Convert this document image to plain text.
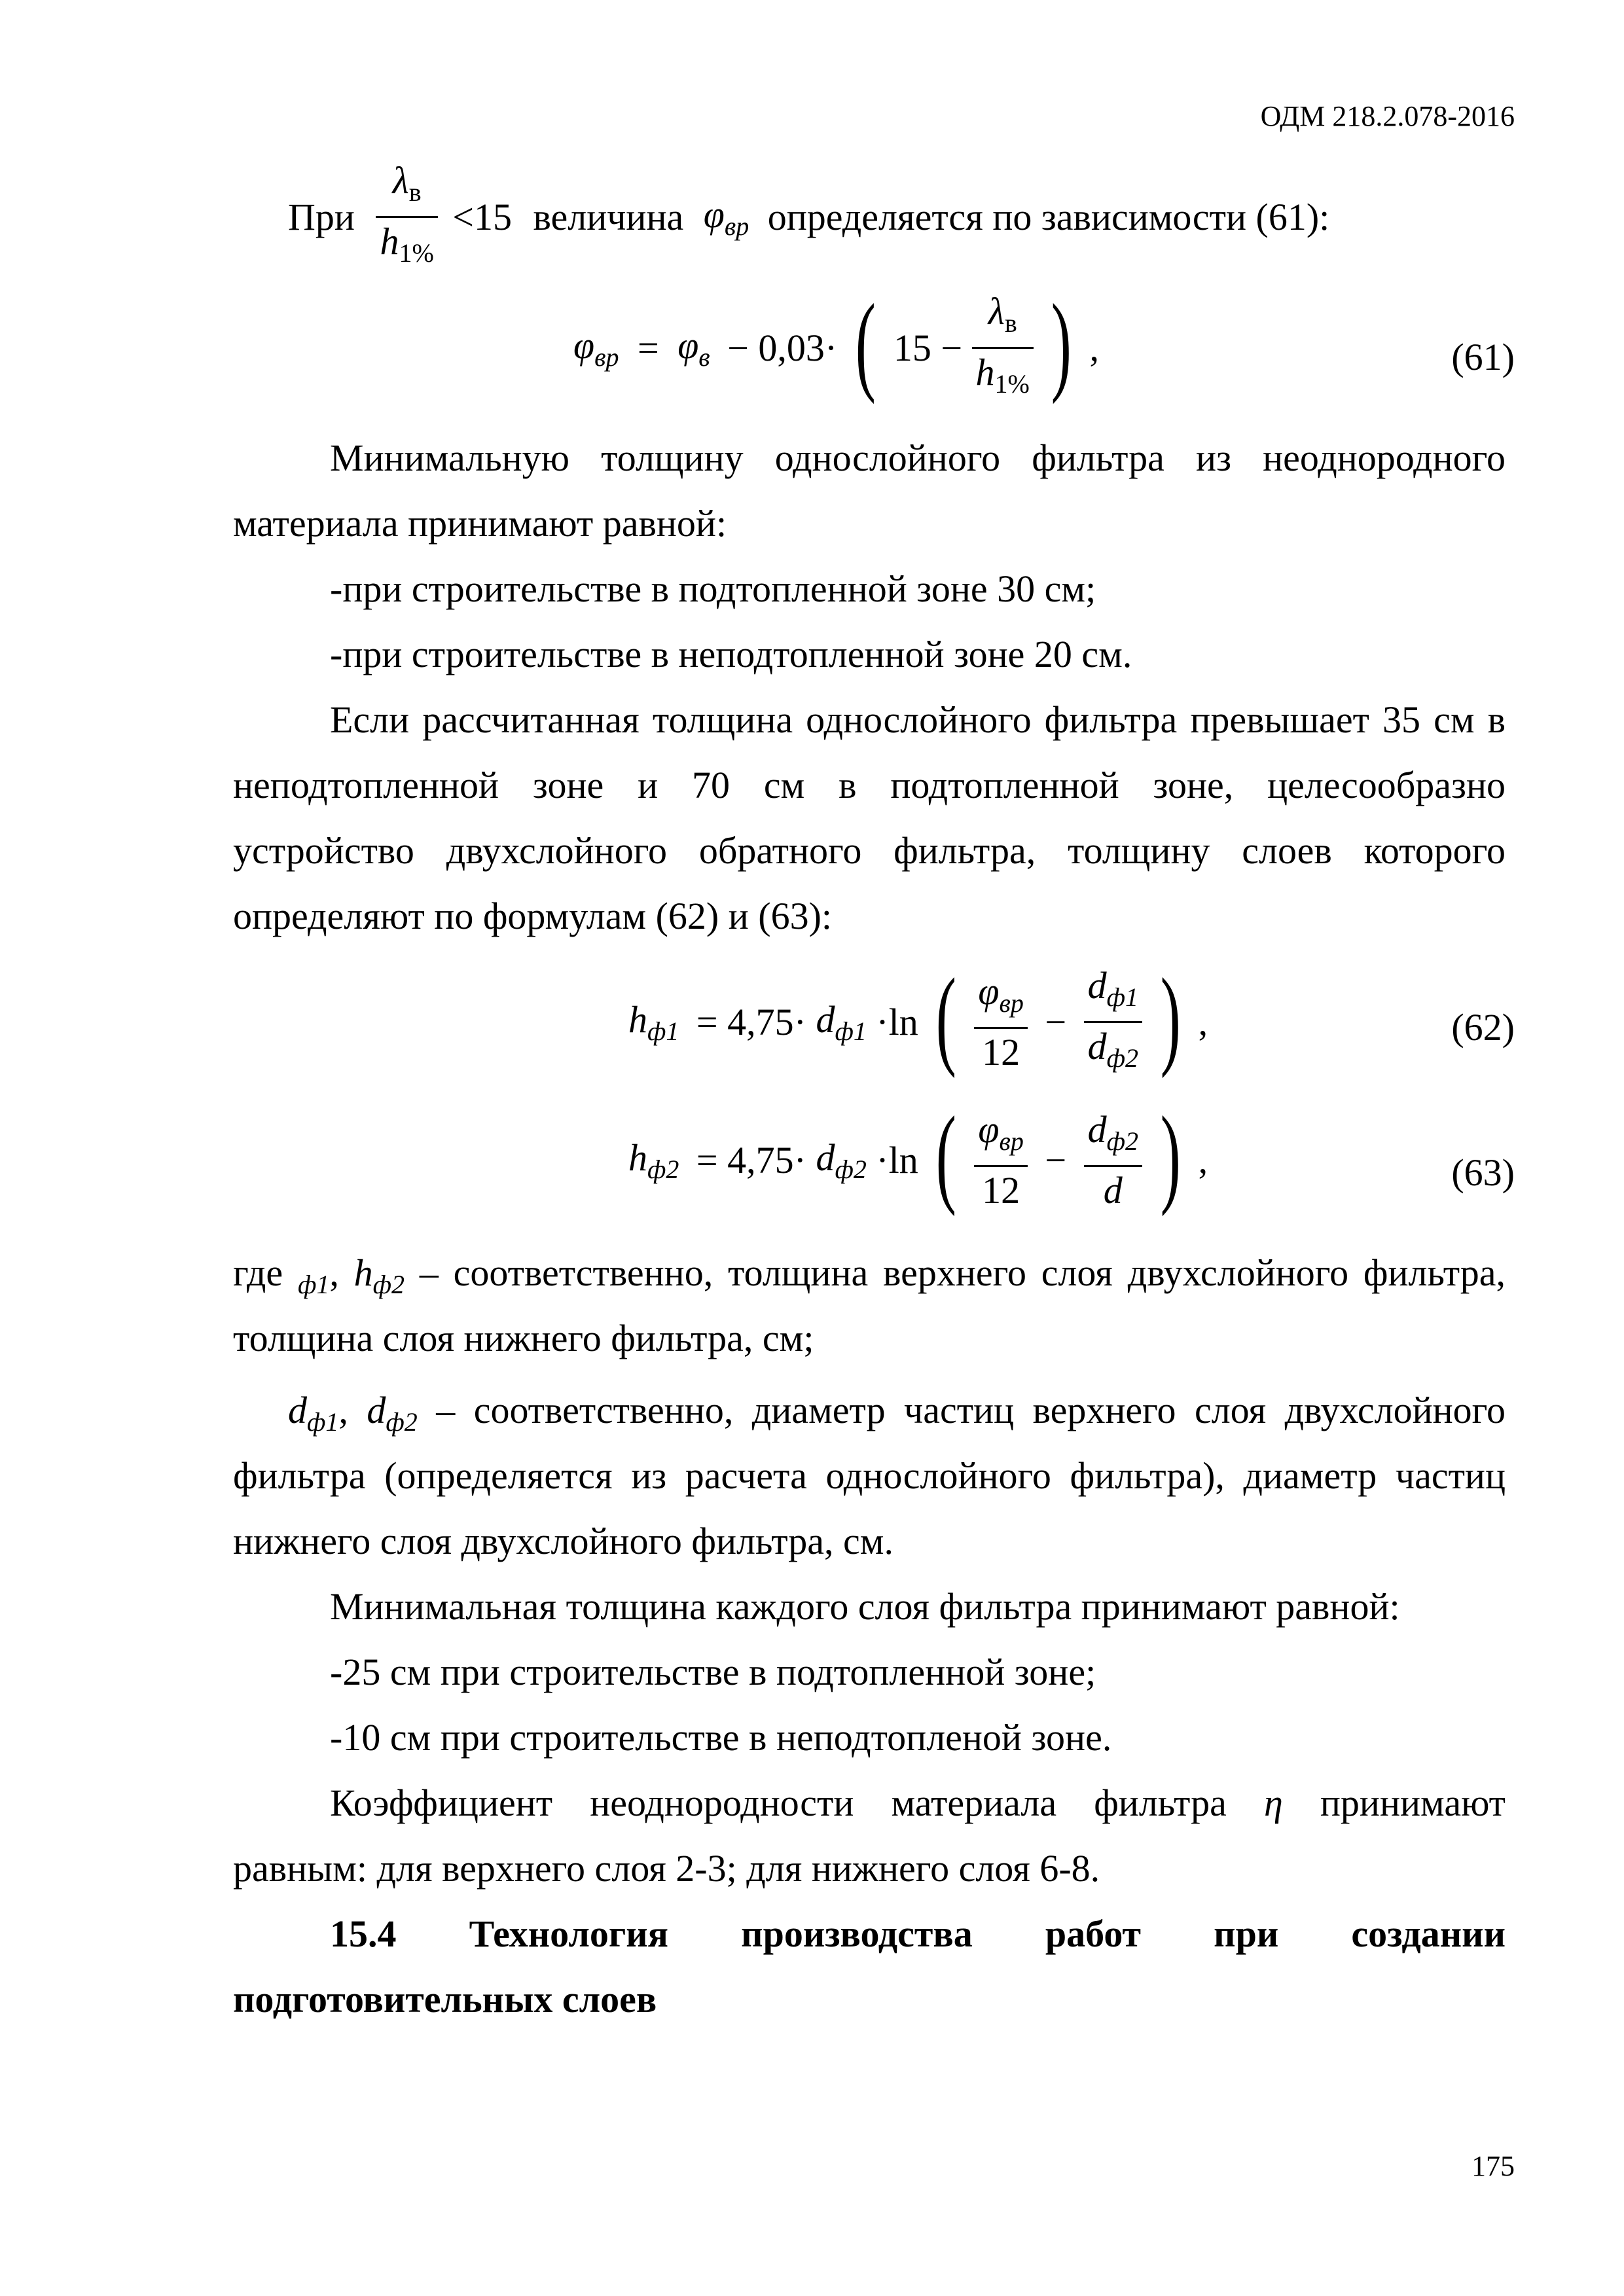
ОДМ 218.2.078-2016
При $\frac{\lambda_в}{h_{1\%}} <15$ величина $\varphi_{вр}$ определяется по зависимости (61):
$\varphi_{вр} = \varphi_в - 0,03\cdot$ ( $15 - \frac{\lambda_в}{h_{1\%}}$ ) ,	(61)
Минимальную толщину однослойного фильтра из неоднородного
материала принимают равной:
-при строительстве в подтопленной зоне 30 см;
-при строительстве в неподтопленной зоне 20 см.
Если рассчитанная толщина однослойного фильтра превышает 35 см в
неподтопленной зоне и 70 см в подтопленной зоне, целесообразно
устройство двухслойного обратного фильтра, толщину слоев которого
определяют по формулам (62) и (63):
$h_{ф1} = 4,75\cdot d_{ф1} \cdot\ln$ ( $\frac{\varphi_{вр}}{12} - \frac{d_{ф1}}{d_{ф2}}$ ) ,	(62)
$h_{ф2} = 4,75\cdot d_{ф2} \cdot\ln$ ( $\frac{\varphi_{вр}}{12} - \frac{d_{ф2}}{d}$ ) ,	(63)
где $_{ф1}$, $h_{ф2}$ – соответственно, толщина верхнего слоя двухслойного фильтра,
толщина слоя нижнего фильтра, см;
$d_{ф1}$, $d_{ф2}$ – соответственно, диаметр частиц верхнего слоя двухслойного
фильтра (определяется из расчета однослойного фильтра), диаметр частиц
нижнего слоя двухслойного фильтра, см.
Минимальная толщина каждого слоя фильтра принимают равной:
-25 см при строительстве в подтопленной зоне;
-10 см при строительстве в неподтопленой зоне.
Коэффициент неоднородности материала фильтра η принимают
равным: для верхнего слоя 2-3; для нижнего слоя 6-8.
15.4 Технология производства работ при создании
подготовительных слоев
175
